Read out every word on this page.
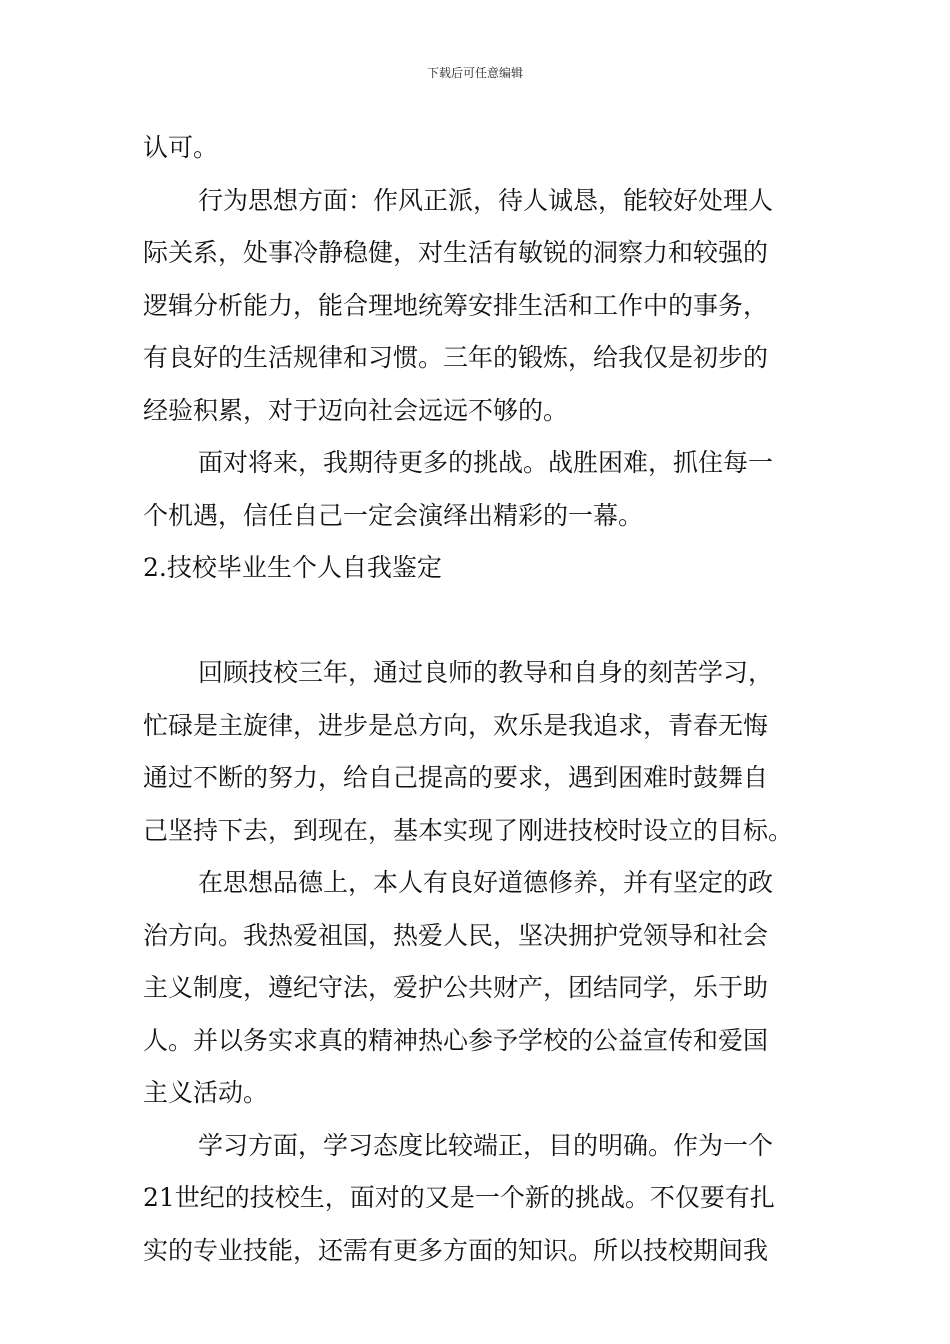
下载后可任意编辑
认可。
行为思想方面：作风正派，待人诚恳，能较好处理人
际关系，处事冷静稳健，对生活有敏锐的洞察力和较强的
逻辑分析能力，能合理地统筹安排生活和工作中的事务，
有良好的生活规律和习惯。三年的锻炼，给我仅是初步的
经验积累，对于迈向社会远远不够的。
面对将来，我期待更多的挑战。战胜困难，抓住每一
个机遇，信任自己一定会演绎出精彩的一幕。
2.技校毕业生个人自我鉴定
回顾技校三年，通过良师的教导和自身的刻苦学习，
忙碌是主旋律，进步是总方向，欢乐是我追求，青春无悔
通过不断的努力，给自己提高的要求，遇到困难时鼓舞自
己坚持下去，到现在，基本实现了刚进技校时设立的目标。
在思想品德上，本人有良好道德修养，并有坚定的政
治方向。我热爱祖国，热爱人民，坚决拥护党领导和社会
主义制度，遵纪守法，爱护公共财产，团结同学，乐于助
人。并以务实求真的精神热心参予学校的公益宣传和爱国
主义活动。
学习方面，学习态度比较端正，目的明确。作为一个
21世纪的技校生，面对的又是一个新的挑战。不仅要有扎
实的专业技能，还需有更多方面的知识。所以技校期间我
